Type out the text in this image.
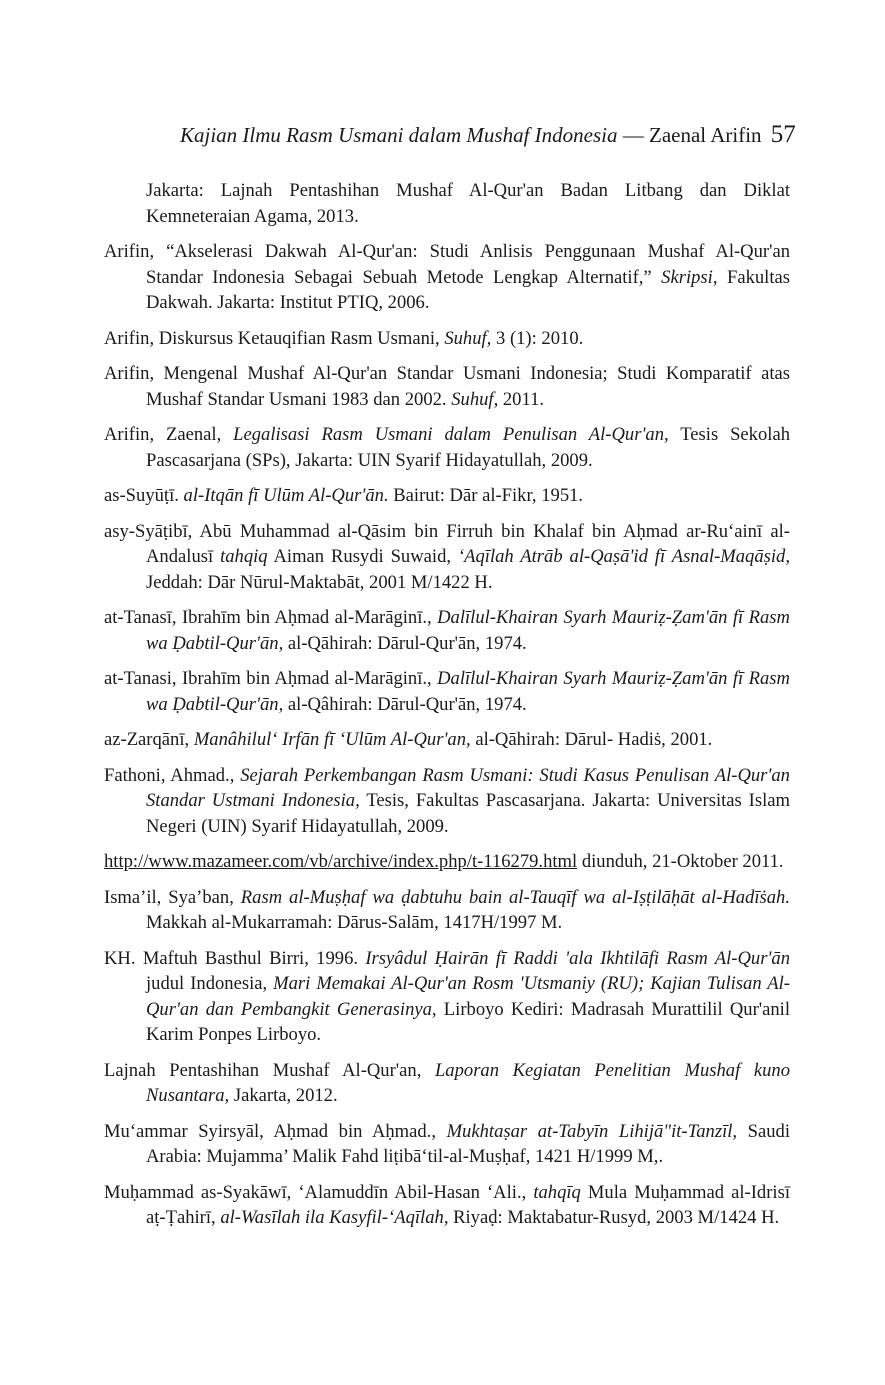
Kajian Ilmu Rasm Usmani dalam Mushaf Indonesia — Zaenal Arifin 57

Jakarta: Lajnah Pentashihan Mushaf Al-Qur'an Badan Litbang dan Diklat Kemneteraian Agama, 2013.

Arifin, “Akselerasi Dakwah Al-Qur'an: Studi Anlisis Penggunaan Mushaf Al-Qur'an Standar Indonesia Sebagai Sebuah Metode Lengkap Alternatif,” Skripsi, Fakultas Dakwah. Jakarta: Institut PTIQ, 2006.

Arifin, Diskursus Ketauqifian Rasm Usmani, Suhuf, 3 (1): 2010.

Arifin, Mengenal Mushaf Al-Qur'an Standar Usmani Indonesia; Studi Komparatif atas Mushaf Standar Usmani 1983 dan 2002. Suhuf, 2011.

Arifin, Zaenal, Legalisasi Rasm Usmani dalam Penulisan Al-Qur'an, Tesis Sekolah Pascasarjana (SPs), Jakarta: UIN Syarif Hidayatullah, 2009.

as-Suyūṭī. al-Itqān fī Ulūm Al-Qur'ān. Bairut: Dār al-Fikr, 1951.

asy-Syāṭibī, Abū Muhammad al-Qāsim bin Firruh bin Khalaf bin Aḥmad ar-Ru‘ainī al-Andalusī tahqiq Aiman Rusydi Suwaid, ‘Aqīlah Atrāb al-Qaṣā'id fī Asnal-Maqāṣid, Jeddah: Dār Nūrul-Maktabāt, 2001 M/1422 H.

at-Tanasī, Ibrahīm bin Aḥmad al-Marāginī., Dalīlul-Khairan Syarh Mauriẓ-Ẓam'ān fī Rasm wa Ḍabtil-Qur'ān, al-Qāhirah: Dārul-Qur'ān, 1974.

at-Tanasi, Ibrahīm bin Aḥmad al-Marāginī., Dalīlul-Khairan Syarh Mauriẓ-Ẓam'ān fī Rasm wa Ḍabtil-Qur'ān, al-Qâhirah: Dārul-Qur'ān, 1974.

az-Zarqānī, Manâhilul‘ Irfān fī ‘Ulūm Al-Qur'an, al-Qāhirah: Dārul- Hadiṡ, 2001.

Fathoni, Ahmad., Sejarah Perkembangan Rasm Usmani: Studi Kasus Penulisan Al-Qur'an Standar Ustmani Indonesia, Tesis, Fakultas Pascasarjana. Jakarta: Universitas Islam Negeri (UIN) Syarif Hidayatullah, 2009.

http://www.mazameer.com/vb/archive/index.php/t-116279.html diunduh, 21-Oktober 2011.

Isma’il, Sya’ban, Rasm al-Muṣḥaf wa ḍabtuhu bain al-Tauqīf wa al-Iṣṭilāḥāt al-Hadīṡah. Makkah al-Mukarramah: Dārus-Salām, 1417H/1997 M.

KH. Maftuh Basthul Birri, 1996. Irsyâdul Ḥairān fī Raddi 'ala Ikhtilāfi Rasm Al-Qur'ān judul Indonesia, Mari Memakai Al-Qur'an Rosm 'Utsmaniy (RU); Kajian Tulisan Al-Qur'an dan Pembangkit Generasinya, Lirboyo Kediri: Madrasah Murattilil Qur'anil Karim Ponpes Lirboyo.

Lajnah Pentashihan Mushaf Al-Qur'an, Laporan Kegiatan Penelitian Mushaf kuno Nusantara, Jakarta, 2012.

Mu‘ammar Syirsyāl, Aḥmad bin Aḥmad., Mukhtaṣar at-Tabyīn Lihijā"it-Tanzīl, Saudi Arabia: Mujamma’ Malik Fahd liṭibā‘til-al-Muṣḥaf, 1421 H/1999 M,.

Muḥammad as-Syakāwī, ‘Alamuddīn Abil-Hasan ‘Ali., tahqīq Mula Muḥammad al-Idrisī aṭ-Ṭahirī, al-Wasīlah ila Kasyfil-‘Aqīlah, Riyaḍ: Maktabatur-Rusyd, 2003 M/1424 H.
